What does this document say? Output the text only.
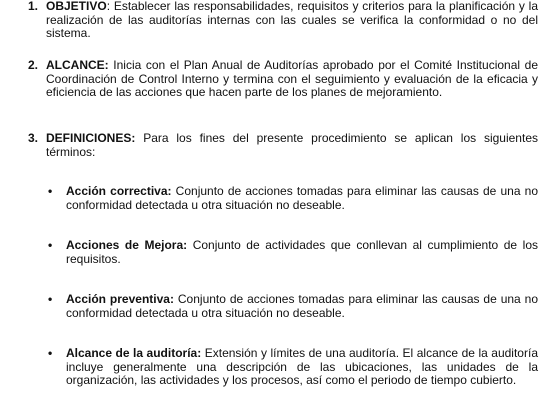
1. OBJETIVO: Establecer las responsabilidades, requisitos y criterios para la planificación y la realización de las auditorías internas con las cuales se verifica la conformidad o no del sistema.
2. ALCANCE: Inicia con el Plan Anual de Auditorías aprobado por el Comité Institucional de Coordinación de Control Interno y termina con el seguimiento y evaluación de la eficacia y eficiencia de las acciones que hacen parte de los planes de mejoramiento.
3. DEFINICIONES: Para los fines del presente procedimiento se aplican los siguientes términos:
• Acción correctiva: Conjunto de acciones tomadas para eliminar las causas de una no conformidad detectada u otra situación no deseable.
• Acciones de Mejora: Conjunto de actividades que conllevan al cumplimiento de los requisitos.
• Acción preventiva: Conjunto de acciones tomadas para eliminar las causas de una no conformidad detectada u otra situación no deseable.
• Alcance de la auditoría: Extensión y límites de una auditoría. El alcance de la auditoría incluye generalmente una descripción de las ubicaciones, las unidades de la organización, las actividades y los procesos, así como el periodo de tiempo cubierto.
